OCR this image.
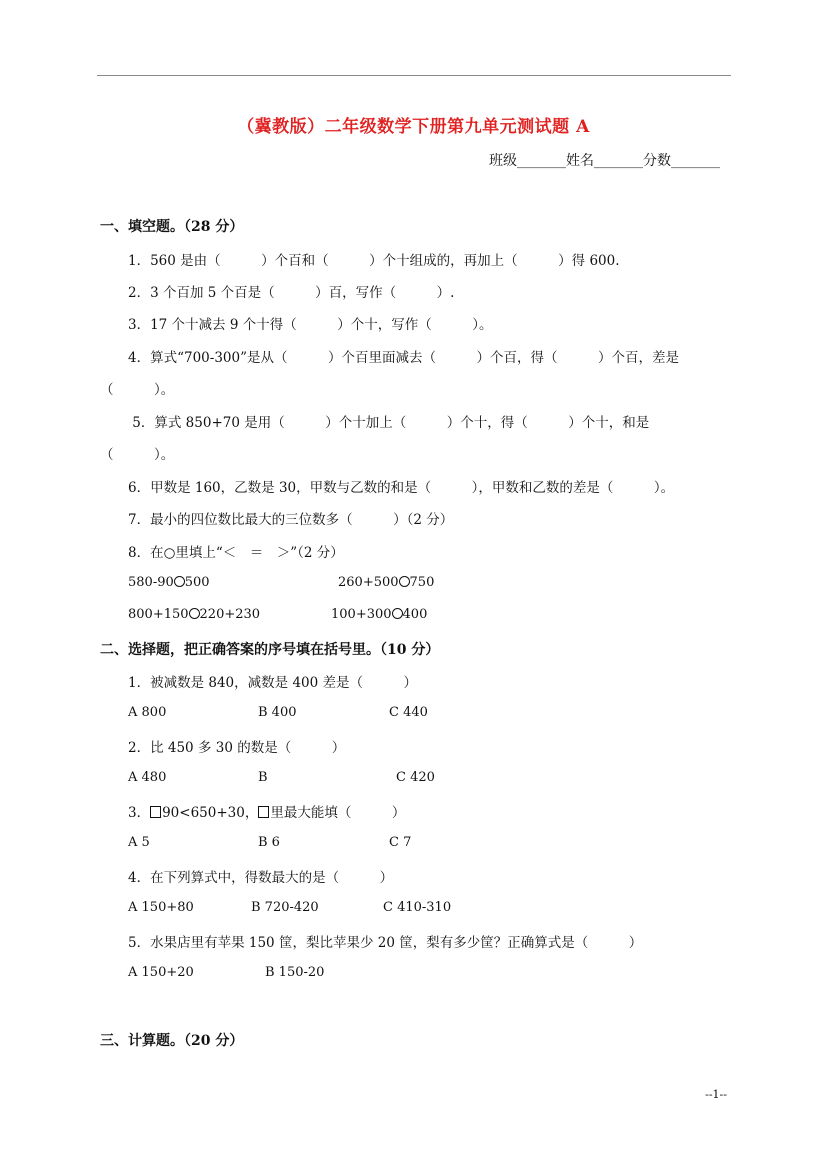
（冀教版）二年级数学下册第九单元测试题 A
班级_______姓名_______分数_______
一、填空题。（28 分）
1．560 是由（　　　）个百和（　　　）个十组成的，再加上（　　　）得 600.
2．3 个百加 5 个百是（　　　）百，写作（　　　）.
3．17 个十减去 9 个十得（　　　）个十，写作（　　　）。
4．算式“700-300”是从（　　　）个百里面减去（　　　）个百，得（　　　）个百，差是
（　　　）。
5．算式 850+70 是用（　　　）个十加上（　　　）个十，得（　　　）个十，和是
（　　　）。
6．甲数是 160，乙数是 30，甲数与乙数的和是（　　　），甲数和乙数的差是（　　　）。
7．最小的四位数比最大的三位数多（　　　）（2 分）
8．在○里填上“＜　＝　＞”（2 分）
580-90 500	260+500 750
800+150 220+230	100+300 400
二、选择题，把正确答案的序号填在括号里。（10 分）
1．被减数是 840，减数是 400 差是（　　　）
A 800	B 400	C 440
2．比 450 多 30 的数是（　　　）
A 480	B	C 420
3． 90<650+30， 里最大能填（　　　）
A 5	B 6	C 7
4．在下列算式中，得数最大的是（　　　）
A 150+80	B 720-420	C 410-310
5．水果店里有苹果 150 筐，梨比苹果少 20 筐，梨有多少筐？正确算式是（　　　）
A 150+20	B 150-20
三、计算题。（20 分）
--1--
